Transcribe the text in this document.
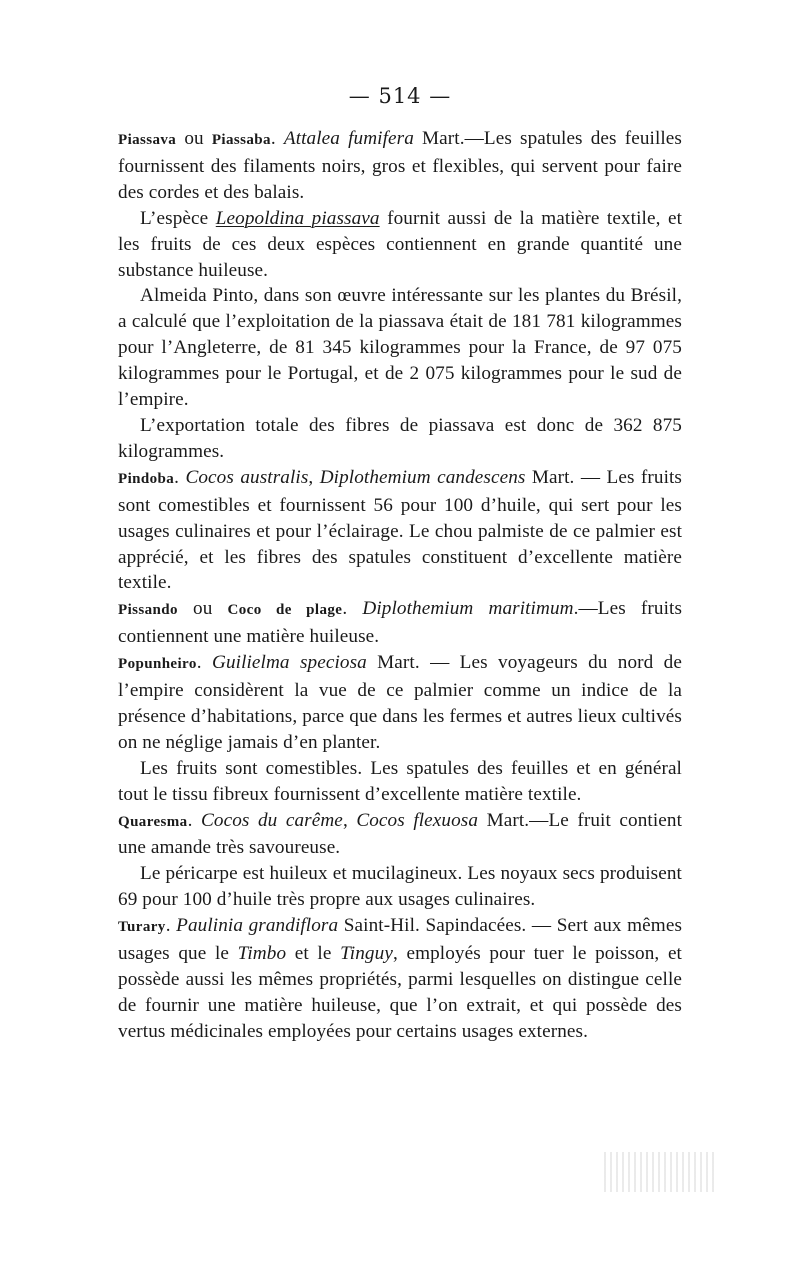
— 514 —

Piassava ou Piassaba. Attalea fumifera Mart.—Les spatules des feuilles fournissent des filaments noirs, gros et flexibles, qui servent pour faire des cordes et des balais.

L’espèce Leopoldina piassava fournit aussi de la matière textile, et les fruits de ces deux espèces contiennent en grande quantité une substance huileuse.

Almeida Pinto, dans son œuvre intéressante sur les plantes du Brésil, a calculé que l’exploitation de la piassava était de 181 781 kilogrammes pour l’Angleterre, de 81 345 kilogrammes pour la France, de 97 075 kilogrammes pour le Portugal, et de 2 075 kilogrammes pour le sud de l’empire.

L’exportation totale des fibres de piassava est donc de 362 875 kilogrammes.

Pindoba. Cocos australis, Diplothemium candescens Mart. — Les fruits sont comestibles et fournissent 56 pour 100 d’huile, qui sert pour les usages culinaires et pour l’éclairage. Le chou palmiste de ce palmier est apprécié, et les fibres des spatules constituent d’excellente matière textile.

Pissando ou Coco de plage. Diplothemium maritimum.—Les fruits contiennent une matière huileuse.

Popunheiro. Guilielma speciosa Mart. — Les voyageurs du nord de l’empire considèrent la vue de ce palmier comme un indice de la présence d’habitations, parce que dans les fermes et autres lieux cultivés on ne néglige jamais d’en planter.

Les fruits sont comestibles. Les spatules des feuilles et en général tout le tissu fibreux fournissent d’excellente matière textile.

Quaresma. Cocos du carême, Cocos flexuosa Mart.—Le fruit contient une amande très savoureuse.

Le péricarpe est huileux et mucilagineux. Les noyaux secs produisent 69 pour 100 d’huile très propre aux usages culinaires.

Turary. Paulinia grandiflora Saint-Hil. Sapindacées. — Sert aux mêmes usages que le Timbo et le Tinguy, employés pour tuer le poisson, et possède aussi les mêmes propriétés, parmi lesquelles on distingue celle de fournir une matière huileuse, que l’on extrait, et qui possède des vertus médicinales employées pour certains usages externes.
